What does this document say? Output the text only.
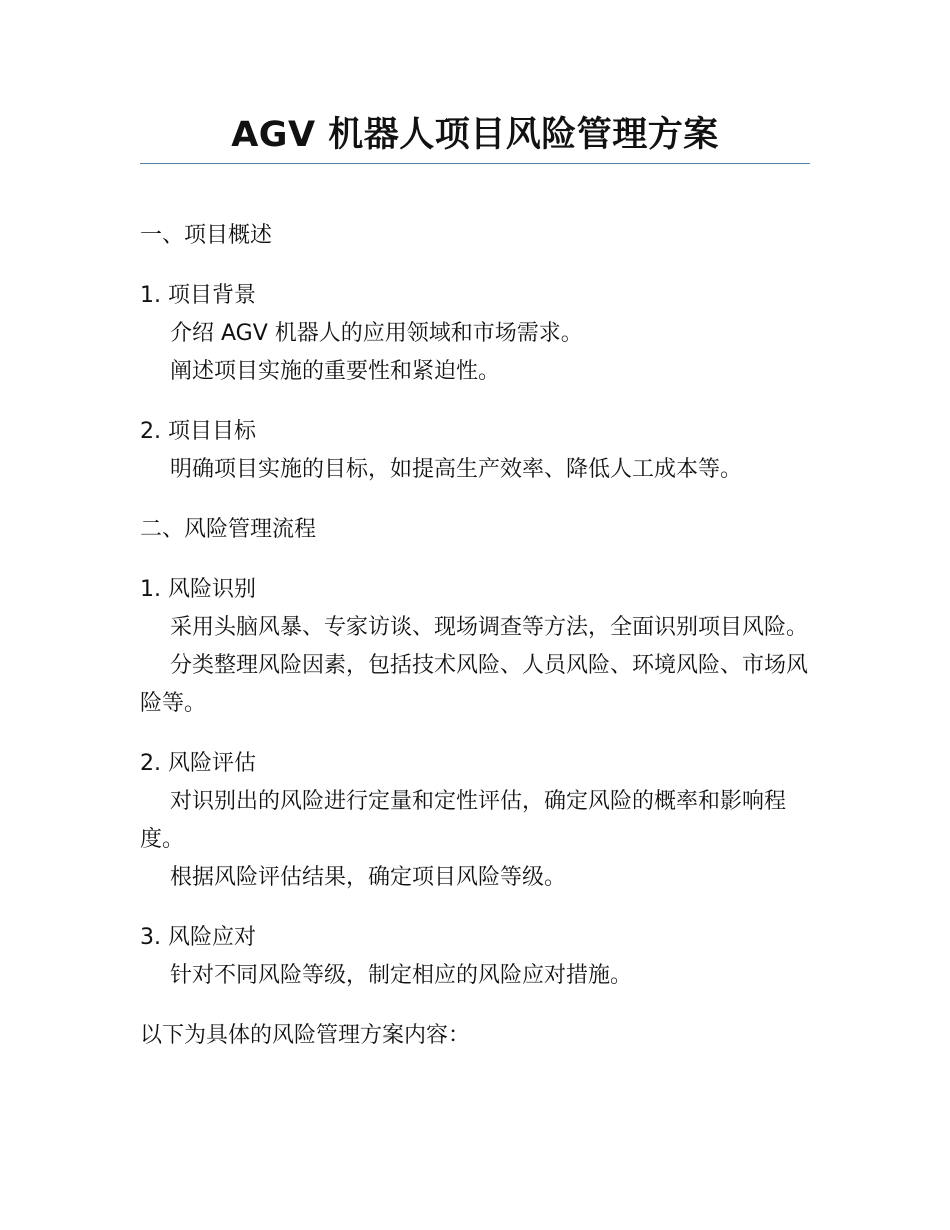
AGV 机器人项目风险管理方案
一、项目概述
1. 项目背景
介绍 AGV 机器人的应用领域和市场需求。
阐述项目实施的重要性和紧迫性。
2. 项目目标
明确项目实施的目标，如提高生产效率、降低人工成本等。
二、风险管理流程
1. 风险识别
采用头脑风暴、专家访谈、现场调查等方法，全面识别项目风险。
分类整理风险因素，包括技术风险、人员风险、环境风险、市场风险等。
2. 风险评估
对识别出的风险进行定量和定性评估，确定风险的概率和影响程度。
根据风险评估结果，确定项目风险等级。
3. 风险应对
针对不同风险等级，制定相应的风险应对措施。
以下为具体的风险管理方案内容：
